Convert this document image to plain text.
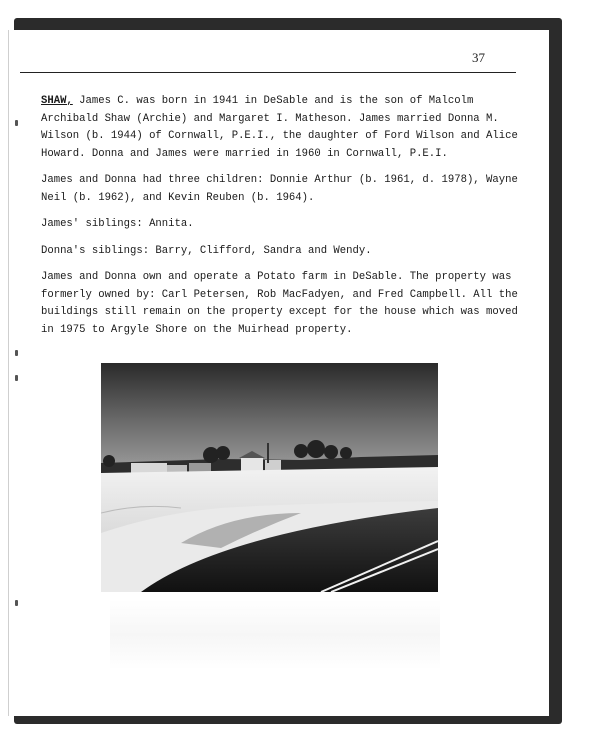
37

SHAW, James C. was born in 1941 in DeSable and is the son of Malcolm Archibald Shaw (Archie) and Margaret I. Matheson. James married Donna M. Wilson (b. 1944) of Cornwall, P.E.I., the daughter of Ford Wilson and Alice Howard. Donna and James were married in 1960 in Cornwall, P.E.I.

James and Donna had three children: Donnie Arthur (b. 1961, d. 1978), Wayne Neil (b. 1962), and Kevin Reuben (b. 1964).

James' siblings: Annita.

Donna's siblings: Barry, Clifford, Sandra and Wendy.

James and Donna own and operate a Potato farm in DeSable. The property was formerly owned by: Carl Petersen, Rob MacFadyen, and Fred Campbell. All the buildings still remain on the property except for the house which was moved in 1975 to Argyle Shore on the Muirhead property.
